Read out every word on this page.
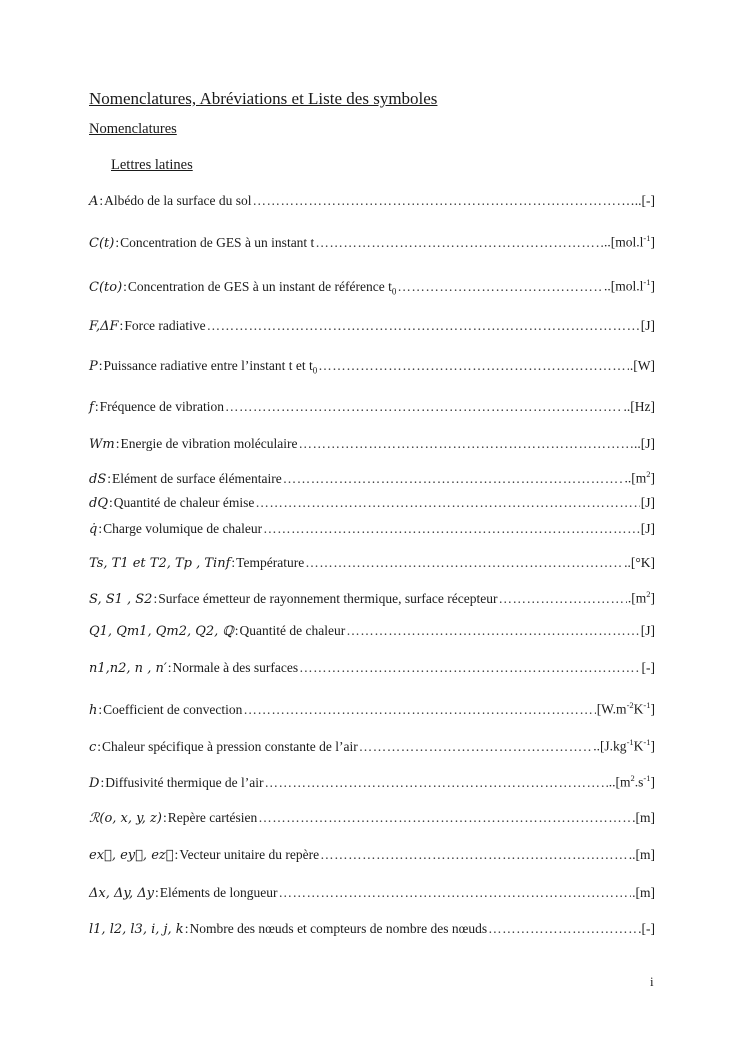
Nomenclatures, Abréviations et Liste des symboles
Nomenclatures
Lettres latines
A : Albédo de la surface du sol ……………………………………………………………………………………………………………………………………………………………………………	…..[-]
C(t) : Concentration de GES à un instant t ……………………………………………………………………………………………………………………………………………………………………………	$..[mol.l^{-1}]$
C(to) : Concentration de GES à un instant de référence $t_0$ ……………………………………………………………………………………………………………………………………………………………………………	$..[mol.l^{-1}]$
F,ΔF : Force radiative ……………………………………………………………………………………………………………………………………………………………………………	[J]
P : Puissance radiative entre l’instant t et $t_0$ ……………………………………………………………………………………………………………………………………………………………………………	.[W]
f : Fréquence de vibration ……………………………………………………………………………………………………………………………………………………………………………	..[Hz]
Wm : Energie de vibration moléculaire ……………………………………………………………………………………………………………………………………………………………………………	..[J]
dS : Elément de surface élémentaire ……………………………………………………………………………………………………………………………………………………………………………	$..[m^2]$
dQ : Quantité de chaleur émise ……………………………………………………………………………………………………………………………………………………………………………	[J]
q̇ : Charge volumique de chaleur ……………………………………………………………………………………………………………………………………………………………………………	[J]
Ts, T1 et T2, Tp , Tinf : Température ……………………………………………………………………………………………………………………………………………………………………………	..[°K]
S, S1 , S2 : Surface émetteur de rayonnement thermique, surface récepteur ……………………………………………………………………………………………………………………………………………………………………………	$.[m^2]$
Q1, Qm1, Qm2, Q2, ℚ : Quantité de chaleur ……………………………………………………………………………………………………………………………………………………………………………	[J]
n1,n2, n , n′ : Normale à des surfaces ……………………………………………………………………………………………………………………………………………………………………………	[-]
h : Coefficient de convection ……………………………………………………………………………………………………………………………………………………………………………	$[W.m^{-2}K^{-1}]$
c : Chaleur spécifique à pression constante de l’air ……………………………………………………………………………………………………………………………………………………………………………	$..[J.kg^{-1}K^{-1}]$
D : Diffusivité thermique de l’air ……………………………………………………………………………………………………………………………………………………………………………	$..[m^2.s^{-1}]$
ℛ(o, x, y, z) : Repère cartésien ……………………………………………………………………………………………………………………………………………………………………………	.[m]
ex⃗, ey⃗, ez⃗ : Vecteur unitaire du repère ……………………………………………………………………………………………………………………………………………………………………………	..[m]
Δx, Δy, Δy : Eléments de longueur ……………………………………………………………………………………………………………………………………………………………………………	.[m]
l1, l2, l3, i, j, k : Nombre des nœuds et compteurs de nombre des nœuds ……………………………………………………………………………………………………………………………………………………………………………	.[-]
i
